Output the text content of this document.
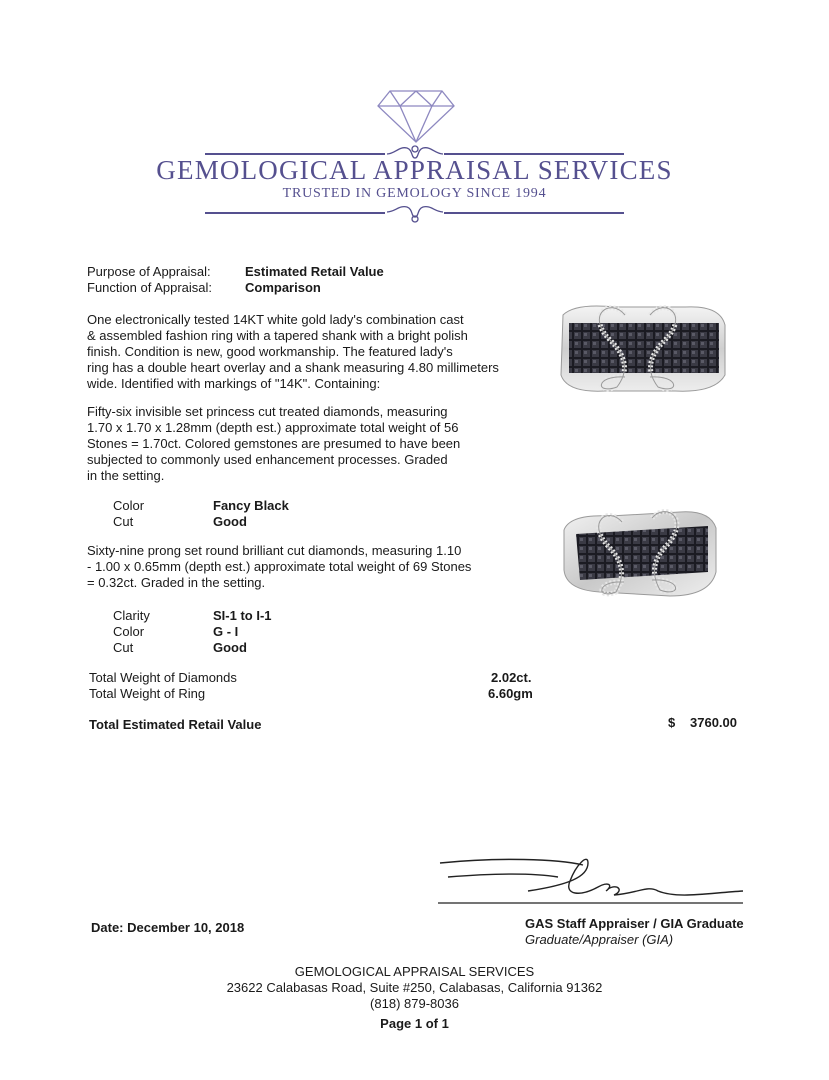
GEMOLOGICAL APPRAISAL SERVICES
TRUSTED IN GEMOLOGY SINCE 1994
Purpose of Appraisal:	Estimated Retail Value
Function of Appraisal:	Comparison
One electronically tested 14KT white gold lady's combination cast
& assembled fashion ring with a tapered shank with a bright polish
finish. Condition is new, good workmanship. The featured lady's
ring has a double heart overlay and a shank measuring 4.80 millimeters
wide. Identified with markings of "14K". Containing:
Fifty-six invisible set princess cut treated diamonds, measuring
1.70 x 1.70 x 1.28mm (depth est.) approximate total weight of 56
Stones = 1.70ct. Colored gemstones are presumed to have been
subjected to commonly used enhancement processes. Graded
in the setting.
Color	Fancy Black
Cut	Good
Sixty-nine prong set round brilliant cut diamonds, measuring 1.10
- 1.00 x 0.65mm (depth est.) approximate total weight of 69 Stones
= 0.32ct. Graded in the setting.
Clarity	SI-1 to I-1
Color	G - I
Cut	Good
Total Weight of Diamonds	2.02ct.
Total Weight of Ring	6.60gm
Total Estimated Retail Value	$ 3760.00
GAS Staff Appraiser / GIA Graduate
Graduate/Appraiser (GIA)
Date: December 10, 2018
GEMOLOGICAL APPRAISAL SERVICES
23622 Calabasas Road, Suite #250, Calabasas, California 91362
(818) 879-8036
Page 1 of 1
